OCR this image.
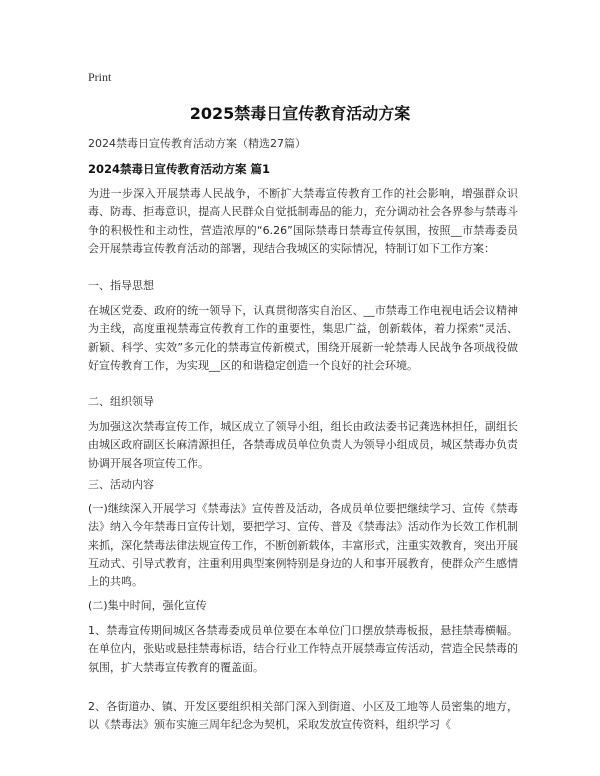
Print
2025禁毒日宣传教育活动方案
2024禁毒日宣传教育活动方案（精选27篇）
2024禁毒日宣传教育活动方案 篇1

为进一步深入开展禁毒人民战争，不断扩大禁毒宣传教育工作的社会影响，增强群众识毒、防毒、拒毒意识，提高人民群众自觉抵制毒品的能力，充分调动社会各界参与禁毒斗争的积极性和主动性，营造浓厚的“6.26”国际禁毒日禁毒宣传氛围，按照__市禁毒委员会开展禁毒宣传教育活动的部署，现结合我城区的实际情况，特制订如下工作方案：

一、指导思想

在城区党委、政府的统一领导下，认真贯彻落实自治区、__市禁毒工作电视电话会议精神为主线，高度重视禁毒宣传教育工作的重要性，集思广益，创新载体，着力探索“灵活、新颖、科学、实效”多元化的禁毒宣传新模式，围绕开展新一轮禁毒人民战争各项战役做好宣传教育工作，为实现__区的和谐稳定创造一个良好的社会环境。

二、组织领导

为加强这次禁毒宣传工作，城区成立了领导小组，组长由政法委书记龚选林担任，副组长由城区政府副区长麻清源担任，各禁毒成员单位负责人为领导小组成员，城区禁毒办负责协调开展各项宣传工作。

三、活动内容

(一)继续深入开展学习《禁毒法》宣传普及活动，各成员单位要把继续学习、宣传《禁毒法》纳入今年禁毒日宣传计划，要把学习、宣传、普及《禁毒法》活动作为长效工作机制来抓，深化禁毒法律法规宣传工作，不断创新载体，丰富形式，注重实效教育，突出开展互动式、引导式教育，注重利用典型案例特别是身边的人和事开展教育，使群众产生感情上的共鸣。

(二)集中时间，强化宣传

1、禁毒宣传期间城区各禁毒委成员单位要在本单位门口摆放禁毒板报，悬挂禁毒横幅。在单位内，张贴或悬挂禁毒标语，结合行业工作特点开展禁毒宣传活动，营造全民禁毒的氛围，扩大禁毒宣传教育的覆盖面。

2、各街道办、镇、开发区要组织相关部门深入到街道、小区及工地等人员密集的地方，以《禁毒法》颁布实施三周年纪念为契机，采取发放宣传资料，组织学习《
